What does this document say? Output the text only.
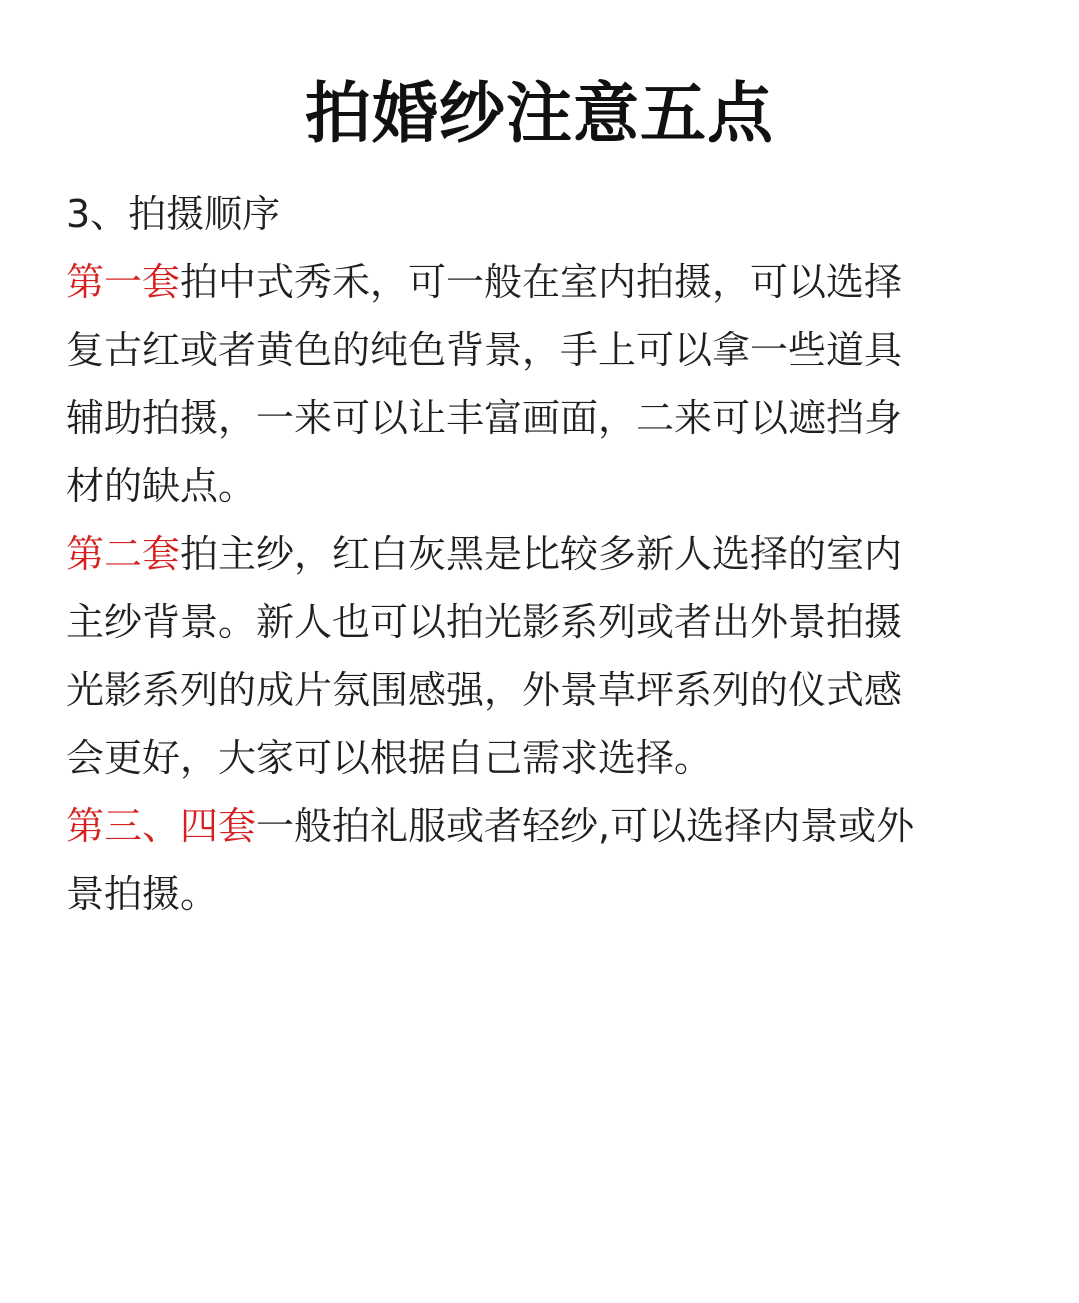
拍婚纱注意五点

3、拍摄顺序

第一套拍中式秀禾，可一般在室内拍摄，可以选择
复古红或者黄色的纯色背景，手上可以拿一些道具
辅助拍摄，一来可以让丰富画面，二来可以遮挡身
材的缺点。

第二套拍主纱，红白灰黑是比较多新人选择的室内
主纱背景。新人也可以拍光影系列或者出外景拍摄
光影系列的成片氛围感强，外景草坪系列的仪式感
会更好，大家可以根据自己需求选择。

第三、四套一般拍礼服或者轻纱,可以选择内景或外
景拍摄。
